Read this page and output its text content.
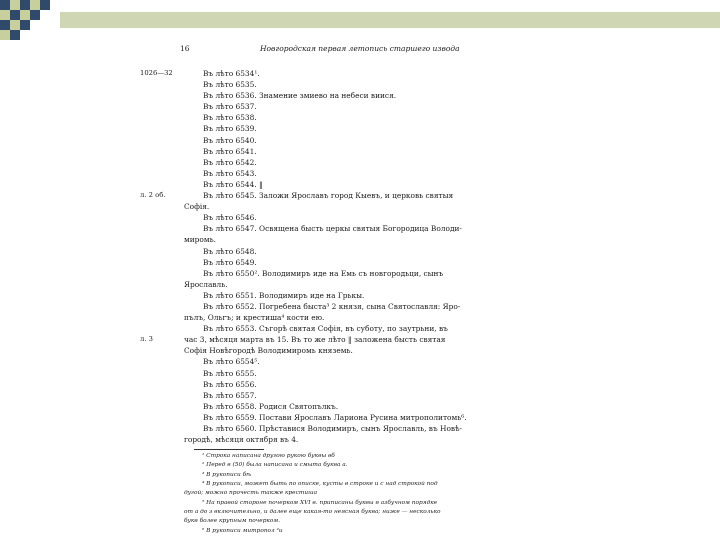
16	Новгородская первая летопись старшего извода
1026—32	Въ лѣто 6534¹.
Въ лѣто 6535.
Въ лѣто 6536. Знамение змиево на небеси виися.
Въ лѣто 6537.
Въ лѣто 6538.
Въ лѣто 6539.
Въ лѣто 6540.
Въ лѣто 6541.
Въ лѣто 6542.
Въ лѣто 6543.
Въ лѣто 6544. ‖
л. 2 об.	Въ лѣто 6545. Заложи Ярославъ город Кыевъ, и церковь святыя
Софія.
Въ лѣто 6546.
Въ лѣто 6547. Освящена бысть церкы святыя Богородица Володи-
миромь.
Въ лѣто 6548.
Въ лѣто 6549.
Въ лѣто 6550². Володимиръ иде на Емь съ новгородьци, сынъ
Ярославль.
Въ лѣто 6551. Володимиръ иде на Грькы.
Въ лѣто 6552. Погребена быста³ 2 князя, сына Святославля: Яро-
пълъ, Ольгъ; и крестиша⁴ кости ею.
Въ лѣто 6553. Съгорѣ святая Софія, въ суботу, по заутрьни, въ
л. 3	час 3, мѣсяця марта въ 15. Въ то же лѣто ‖ заложена бысть святая
Софія Новѣгородѣ Володимиромь княземь.
Въ лѣто 6554⁵.
Въ лѣто 6555.
Въ лѣто 6556.
Въ лѣто 6557.
Въ лѣто 6558. Родися Святопълкъ.
Въ лѣто 6559. Постави Ярославъ Лариона Русина митрополитомь⁶.
Въ лѣто 6560. Прѣставися Володимиръ, сынъ Ярославль, въ Новѣ-
городѣ, мѣсяця октября въ 4.
¹ Строка написана другою рукою буквы ѳб
² Перед в (50) была написана и смыта буква а.
³ В рукописи бѣ
⁴ В рукописи, может быть по описке, кусты в строке и с над строкой под
дугой; можно прочесть также крестиша
⁵ На правой стороне почерком XVI в. приписаны буквы в азбучном порядке
от а до з включительно, и далее еще какая-то неясная буква; ниже — несколько
букв более крупным почерком.
⁶ В рукописи митропол ²и
